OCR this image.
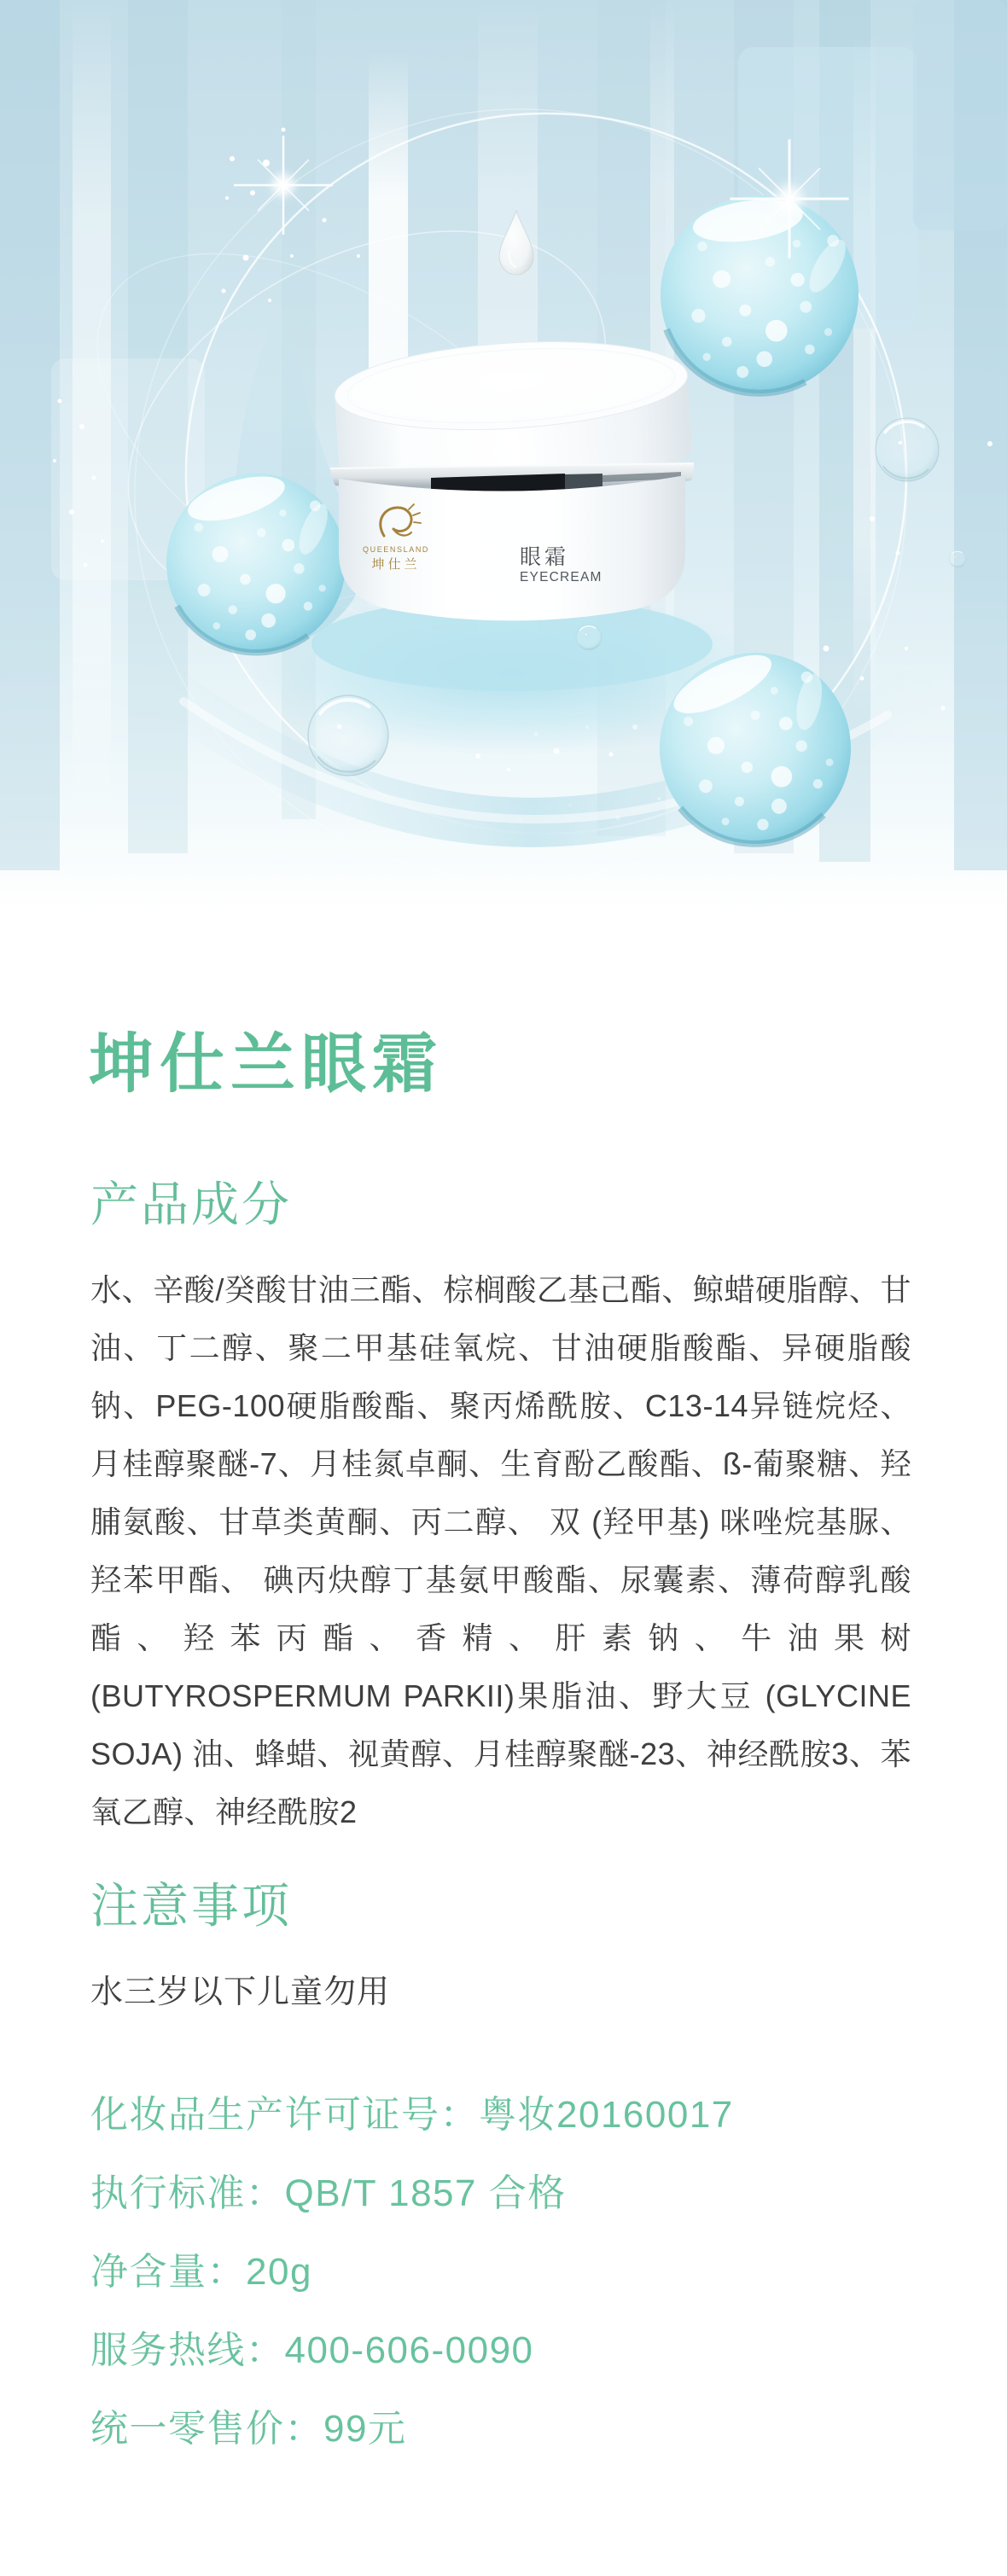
QUEENSLAND
坤仕兰	眼霜
EYECREAM
坤仕兰眼霜
产品成分

水、辛酸/癸酸甘油三酯、棕榈酸乙基己酯、鲸蜡硬脂醇、甘油、丁二醇、聚二甲基硅氧烷、甘油硬脂酸酯、异硬脂酸钠、PEG-100硬脂酸酯、聚丙烯酰胺、C13-14异链烷烃、月桂醇聚醚-7、月桂氮卓酮、生育酚乙酸酯、ß-葡聚糖、羟脯氨酸、甘草类黄酮、丙二醇、 双 (羟甲基) 咪唑烷基脲、羟苯甲酯、 碘丙炔醇丁基氨甲酸酯、尿囊素、薄荷醇乳酸酯、羟苯丙酯、香精、肝素钠、牛油果树(BUTYROSPERMUM PARKII)果脂油、野大豆 (GLYCINE SOJA) 油、蜂蜡、视黄醇、月桂醇聚醚-23、神经酰胺3、苯氧乙醇、神经酰胺2

注意事项

水三岁以下儿童勿用

化妆品生产许可证号：粤妆20160017
执行标准：QB/T 1857 合格
净含量：20g
服务热线：400-606-0090
统一零售价：99元
